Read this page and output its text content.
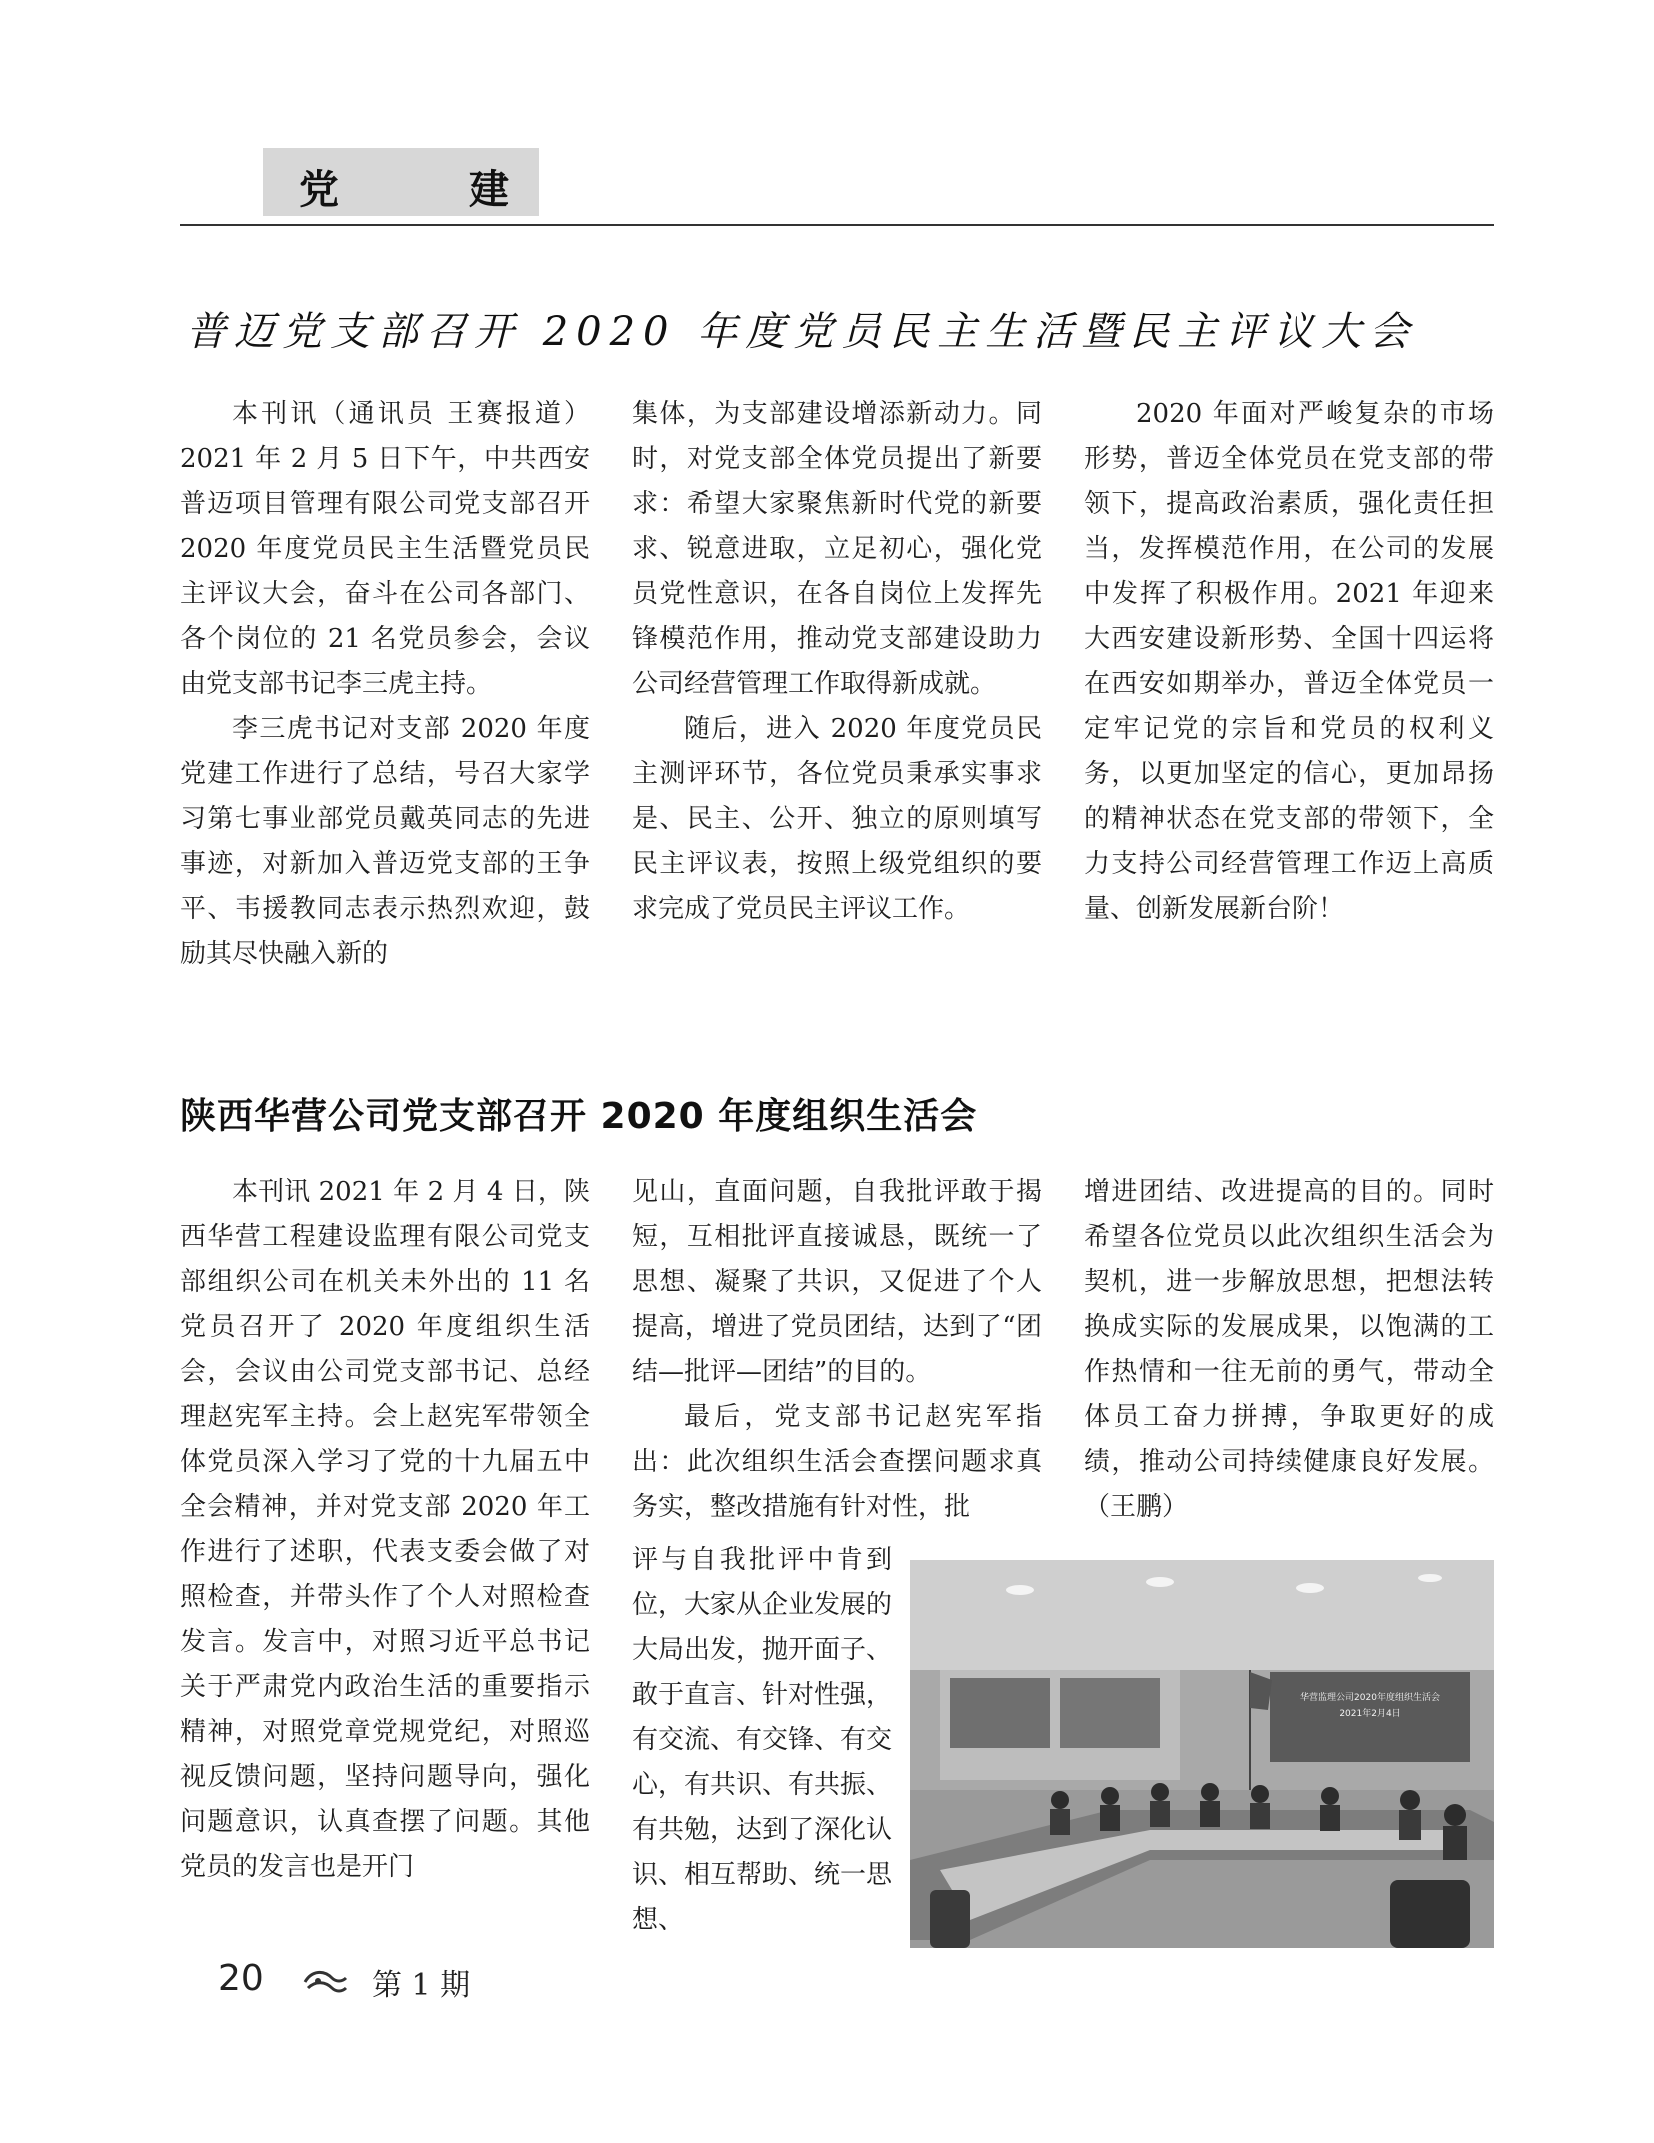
党	建
普迈党支部召开 2020 年度党员民主生活暨民主评议大会

本刊讯（通讯员 王赛报道）2021 年 2 月 5 日下午，中共西安普迈项目管理有限公司党支部召开 2020 年度党员民主生活暨党员民主评议大会，奋斗在公司各部门、各个岗位的 21 名党员参会，会议由党支部书记李三虎主持。

李三虎书记对支部 2020 年度党建工作进行了总结，号召大家学习第七事业部党员戴英同志的先进事迹，对新加入普迈党支部的王争平、韦援教同志表示热烈欢迎，鼓励其尽快融入新的

集体，为支部建设增添新动力。同时，对党支部全体党员提出了新要求：希望大家聚焦新时代党的新要求、锐意进取，立足初心，强化党员党性意识，在各自岗位上发挥先锋模范作用，推动党支部建设助力公司经营管理工作取得新成就。

随后，进入 2020 年度党员民主测评环节，各位党员秉承实事求是、民主、公开、独立的原则填写民主评议表，按照上级党组织的要求完成了党员民主评议工作。

2020 年面对严峻复杂的市场形势，普迈全体党员在党支部的带领下，提高政治素质，强化责任担当，发挥模范作用，在公司的发展中发挥了积极作用。2021 年迎来大西安建设新形势、全国十四运将在西安如期举办，普迈全体党员一定牢记党的宗旨和党员的权利义务，以更加坚定的信心，更加昂扬的精神状态在党支部的带领下，全力支持公司经营管理工作迈上高质量、创新发展新台阶！

陕西华营公司党支部召开 2020 年度组织生活会

本刊讯 2021 年 2 月 4 日，陕西华营工程建设监理有限公司党支部组织公司在机关未外出的 11 名党员召开了 2020 年度组织生活会，会议由公司党支部书记、总经理赵宪军主持。会上赵宪军带领全体党员深入学习了党的十九届五中全会精神，并对党支部 2020 年工作进行了述职，代表支委会做了对照检查，并带头作了个人对照检查发言。发言中，对照习近平总书记关于严肃党内政治生活的重要指示精神，对照党章党规党纪，对照巡视反馈问题，坚持问题导向，强化问题意识，认真查摆了问题。其他党员的发言也是开门

见山，直面问题，自我批评敢于揭短，互相批评直接诚恳，既统一了思想、凝聚了共识，又促进了个人提高，增进了党员团结，达到了“团结—批评—团结”的目的。

最后，党支部书记赵宪军指出：此次组织生活会查摆问题求真务实，整改措施有针对性，批

评与自我批评中肯到位，大家从企业发展的大局出发，抛开面子、敢于直言、针对性强，有交流、有交锋、有交心，有共识、有共振、有共勉，达到了深化认识、相互帮助、统一思想、

增进团结、改进提高的目的。同时希望各位党员以此次组织生活会为契机，进一步解放思想，把想法转换成实际的发展成果，以饱满的工作热情和一往无前的勇气，带动全体员工奋力拼搏，争取更好的成绩，推动公司持续健康良好发展。（王鹏）

华营监理公司2020年度组织生活会
2021年2月4日
20	第 1 期
